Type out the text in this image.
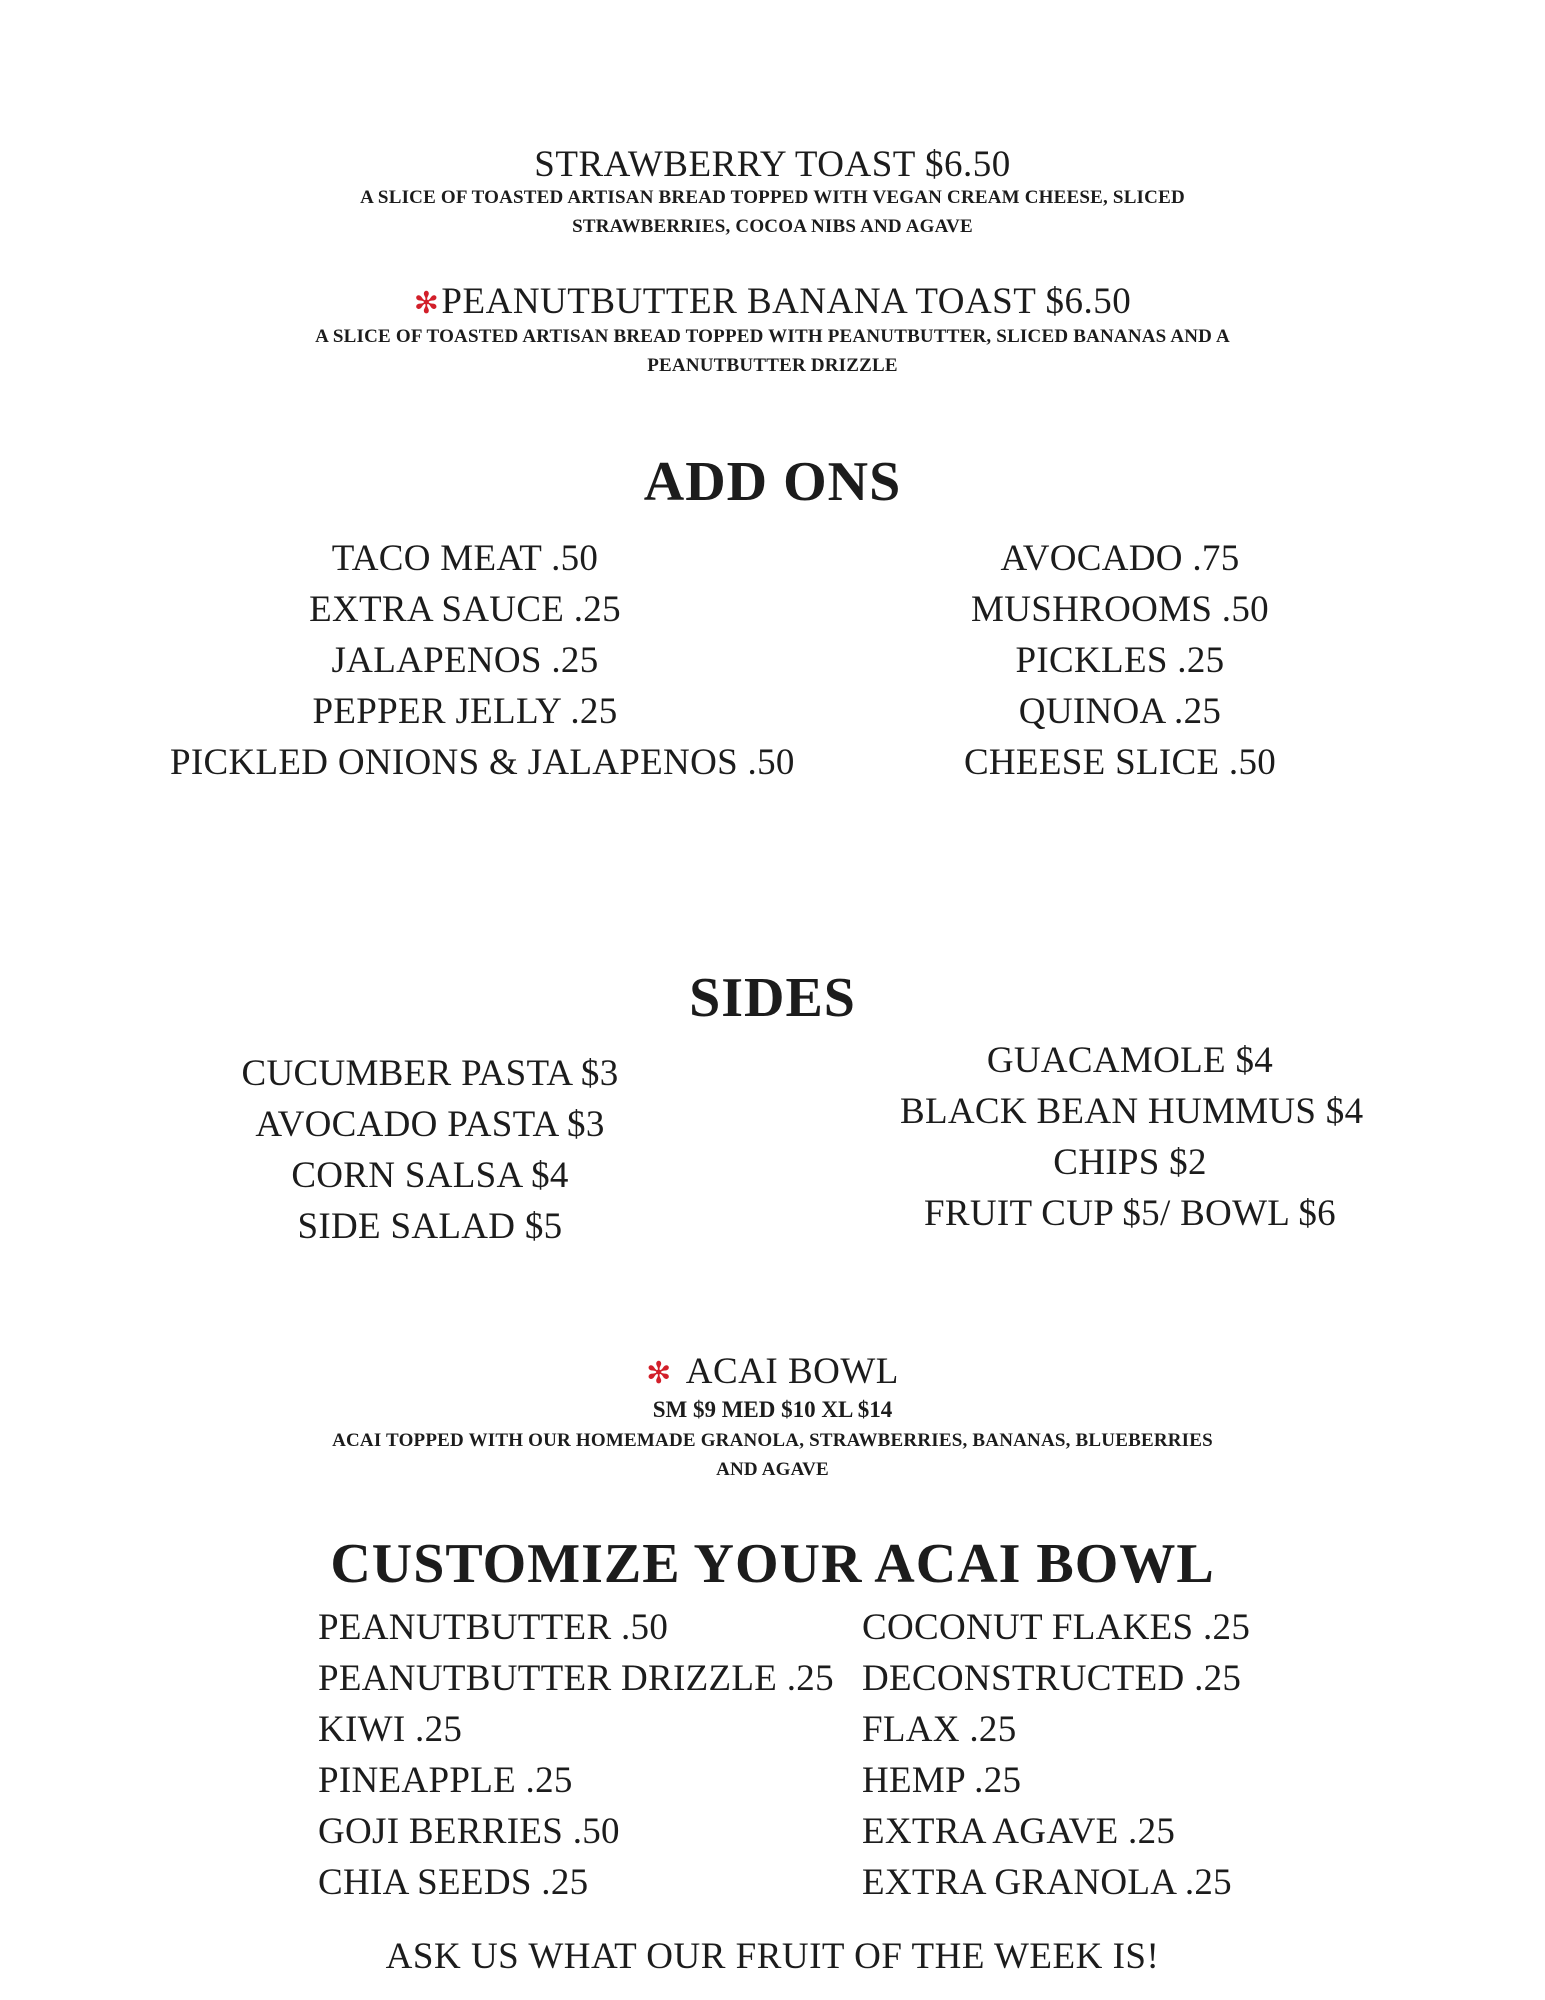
STRAWBERRY TOAST $6.50
A SLICE OF TOASTED ARTISAN BREAD TOPPED WITH VEGAN CREAM CHEESE, SLICED
STRAWBERRIES, COCOA NIBS AND AGAVE
✻PEANUTBUTTER BANANA TOAST $6.50
A SLICE OF TOASTED ARTISAN BREAD TOPPED WITH PEANUTBUTTER, SLICED BANANAS AND A
PEANUTBUTTER DRIZZLE
ADD ONS
TACO MEAT .50
EXTRA SAUCE .25
JALAPENOS .25
PEPPER JELLY .25
PICKLED ONIONS & JALAPENOS .50
AVOCADO .75
MUSHROOMS .50
PICKLES .25
QUINOA .25
CHEESE SLICE .50
SIDES
CUCUMBER PASTA $3
AVOCADO PASTA $3
CORN SALSA $4
SIDE SALAD $5
GUACAMOLE $4
BLACK BEAN HUMMUS $4
CHIPS $2
FRUIT CUP $5/ BOWL $6
✻ ACAI BOWL
SM $9 MED $10 XL $14
ACAI TOPPED WITH OUR HOMEMADE GRANOLA, STRAWBERRIES, BANANAS, BLUEBERRIES
AND AGAVE
CUSTOMIZE YOUR ACAI BOWL
PEANUTBUTTER .50
PEANUTBUTTER DRIZZLE .25
KIWI .25
PINEAPPLE .25
GOJI BERRIES .50
CHIA SEEDS .25
COCONUT FLAKES .25
DECONSTRUCTED .25
FLAX .25
HEMP .25
EXTRA AGAVE .25
EXTRA GRANOLA .25
ASK US WHAT OUR FRUIT OF THE WEEK IS!
